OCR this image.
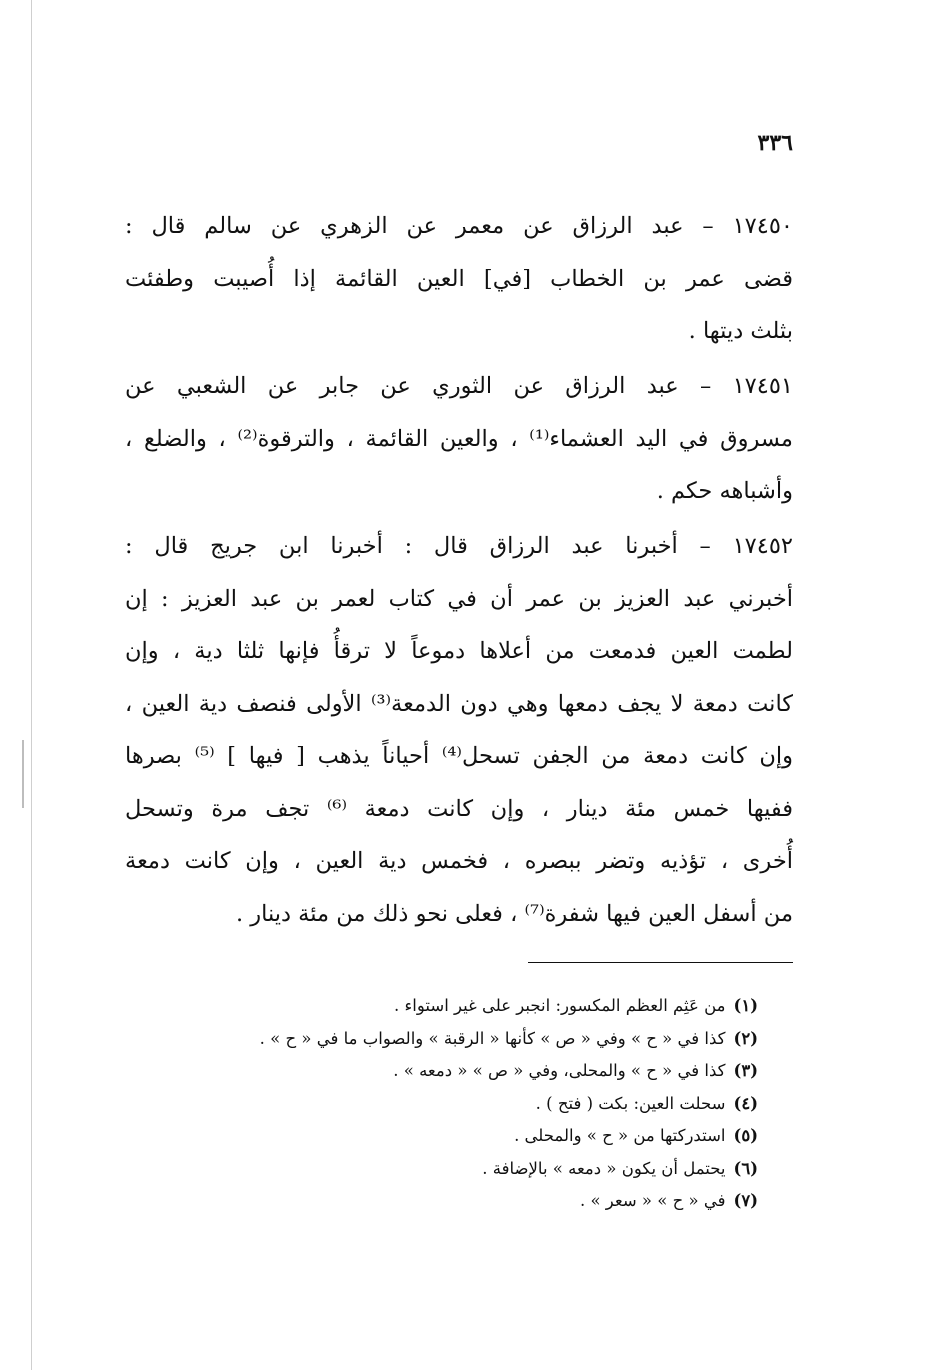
٣٣٦
١٧٤٥٠ – عبد الرزاق عن معمر عن الزهري عن سالم قال :
قضى عمر بن الخطاب [في] العين القائمة إذا أُصيبت وطفئت
بثلث ديتها .
١٧٤٥١ – عبد الرزاق عن الثوري عن جابر عن الشعبي عن
مسروق في اليد العشماء⁽¹⁾ ، والعين القائمة ، والترقوة⁽²⁾ ، والضلع ،
وأشباهه حكم .
١٧٤٥٢ – أخبرنا عبد الرزاق قال : أخبرنا ابن جريج قال :
أخبرني عبد العزيز بن عمر أن في كتاب لعمر بن عبد العزيز : إن
لطمت العين فدمعت من أعلاها دموعاً لا ترقأُ فإنها ثلثا دية ، وإن
كانت دمعة لا يجف دمعها وهي دون الدمعة⁽³⁾ الأولى فنصف دية العين ،
وإن كانت دمعة من الجفن تسحل⁽⁴⁾ أحياناً يذهب [ فيها ] ⁽⁵⁾ بصرها
ففيها خمس مئة دينار ، وإن كانت دمعة ⁽⁶⁾ تجف مرة وتسحل
أُخرى ، تؤذيه وتضر ببصره ، فخمس دية العين ، وإن كانت دمعة
من أسفل العين فيها شفرة⁽⁷⁾ ، فعلى نحو ذلك من مئة دينار .
(١)من عَثِم العظم المكسور: انجبر على غير استواء .
(٢)كذا في « ح » وفي « ص » كأنها « الرقبة » والصواب ما في « ح » .
(٣)كذا في « ح » والمحلى، وفي « ص » « دمعه » .
(٤)سحلت العين: بكت ( فتح ) .
(٥)استدركتها من « ح » والمحلى .
(٦)يحتمل أن يكون « دمعه » بالإضافة .
(٧)في « ح » « سعر » .
